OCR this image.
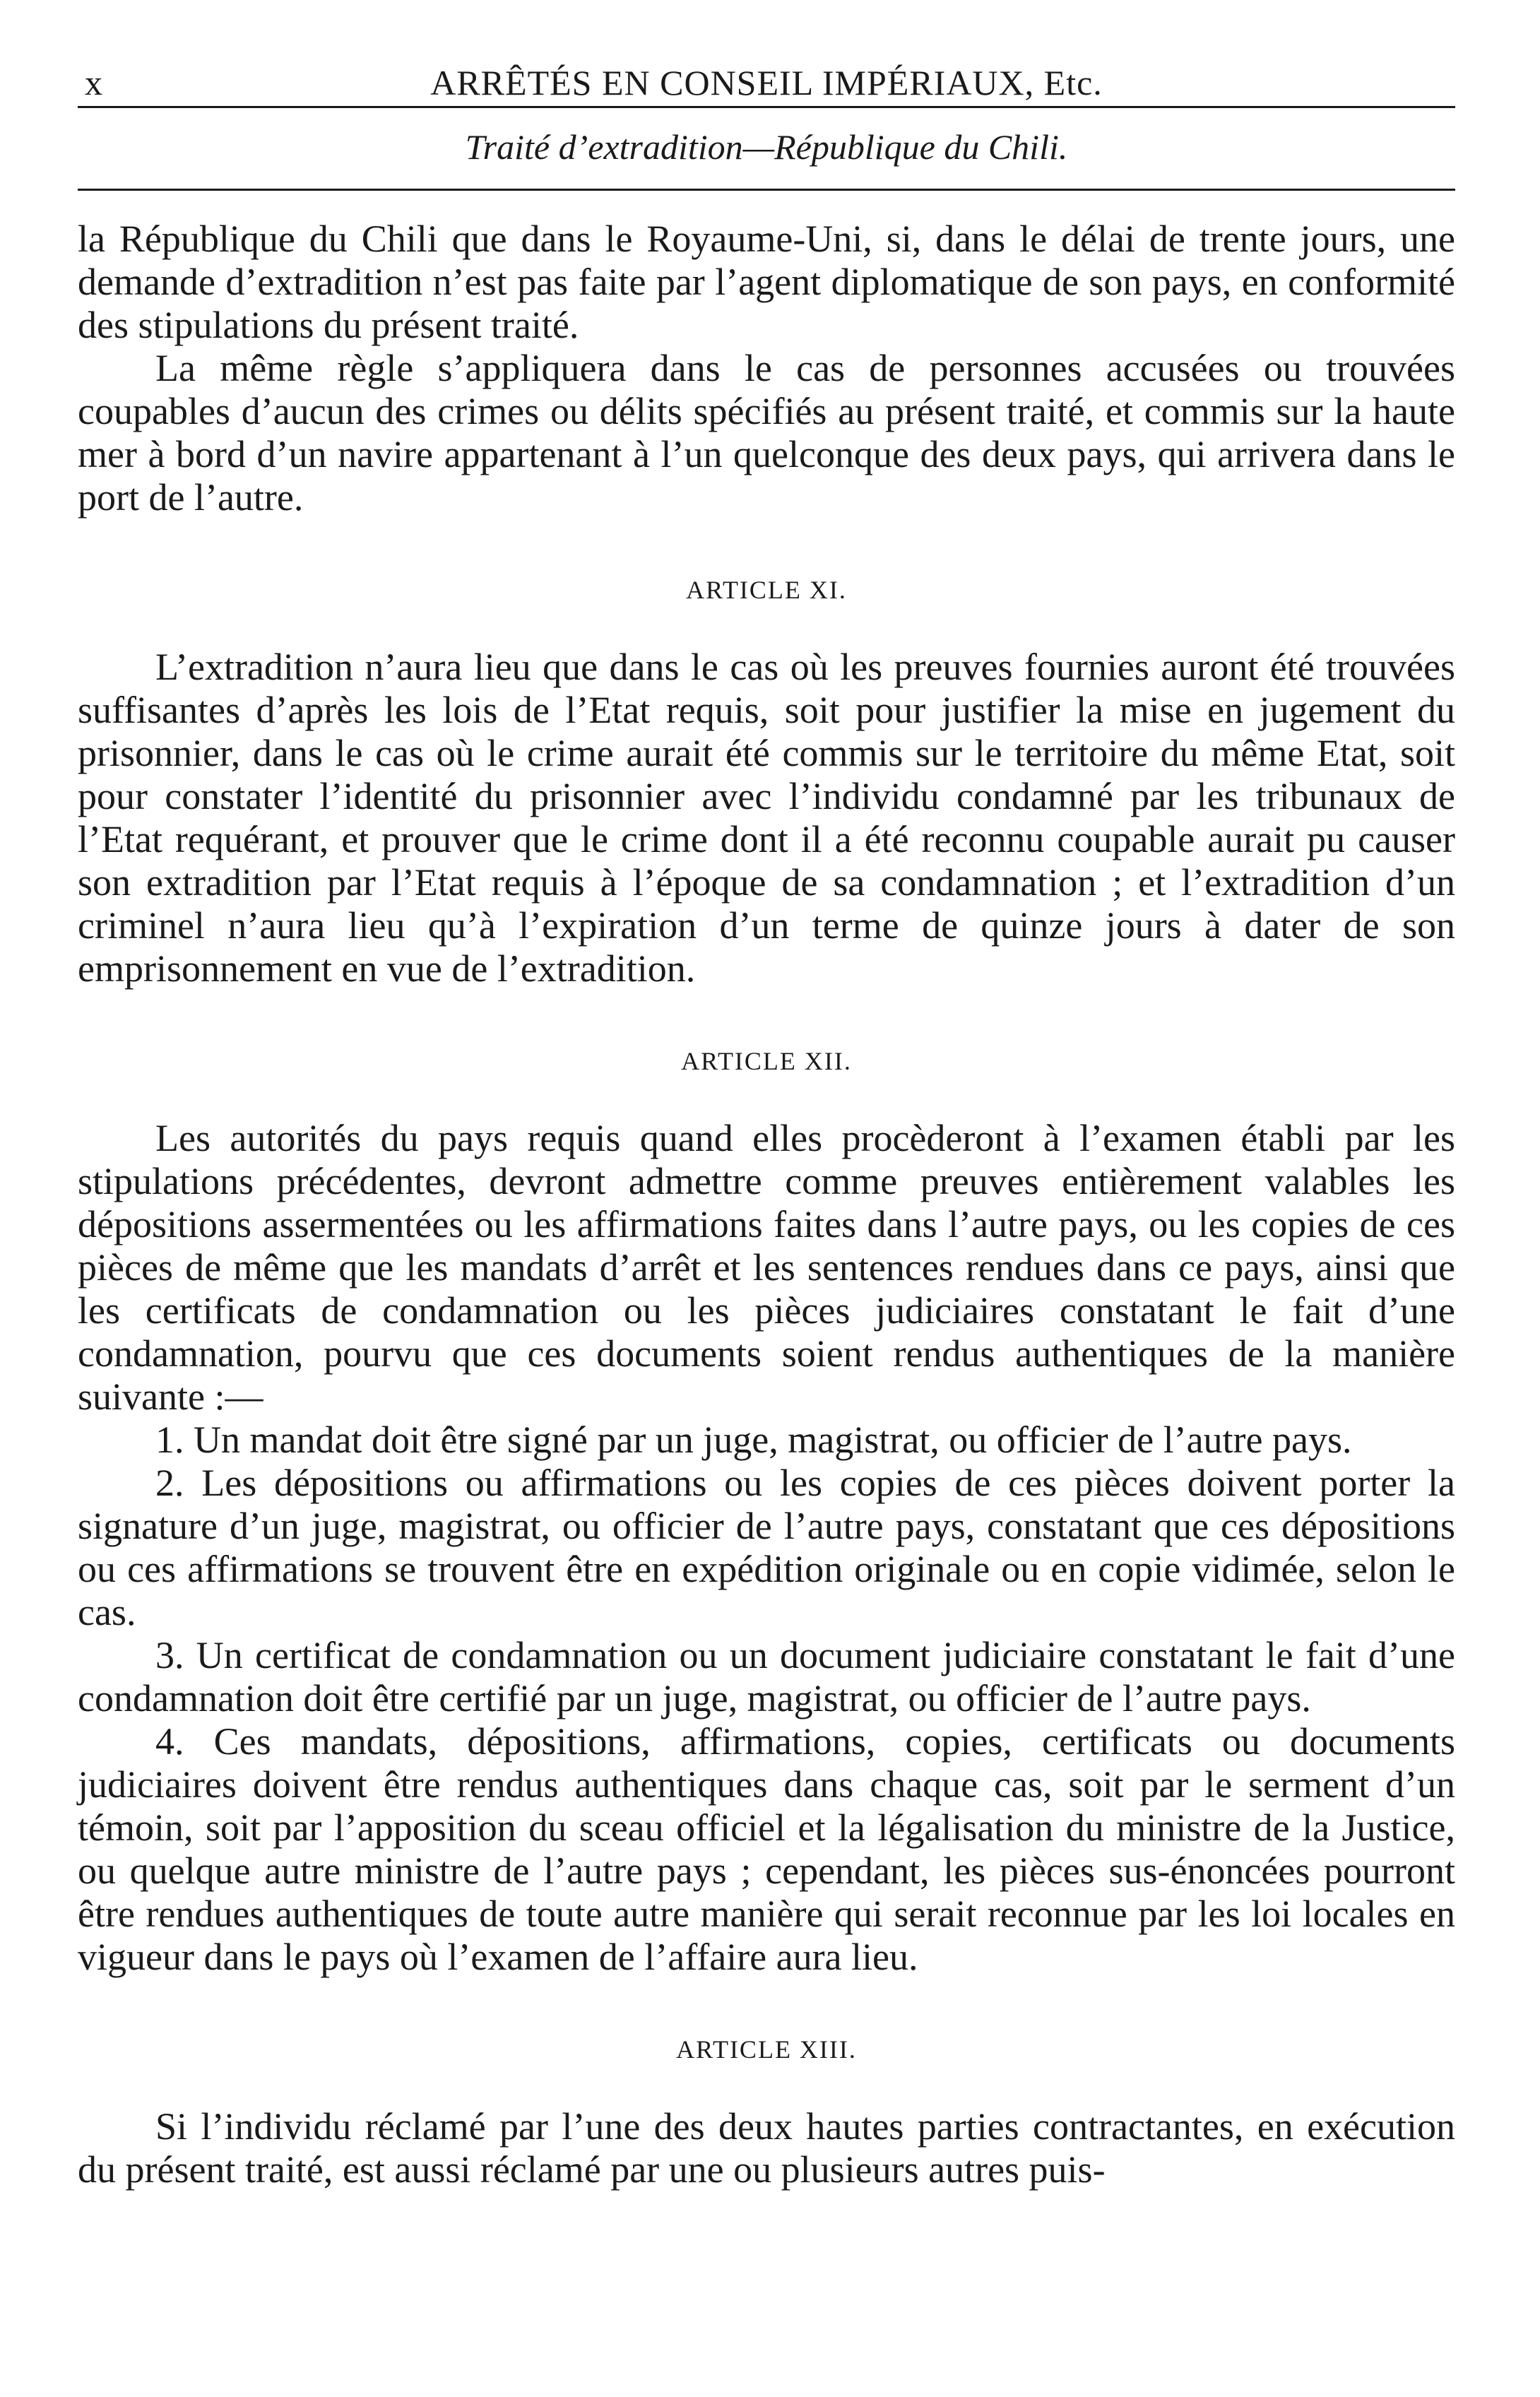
x	ARRÊTÉS EN CONSEIL IMPÉRIAUX, Etc.
Traité d’extradition—République du Chili.

la République du Chili que dans le Royaume-Uni, si, dans le délai de trente jours, une demande d’extradition n’est pas faite par l’agent diplomatique de son pays, en conformité des stipulations du présent traité.

La même règle s’appliquera dans le cas de personnes accusées ou trouvées coupables d’aucun des crimes ou délits spécifiés au présent traité, et commis sur la haute mer à bord d’un navire appartenant à l’un quelconque des deux pays, qui arrivera dans le port de l’autre.

ARTICLE XI.

L’extradition n’aura lieu que dans le cas où les preuves fournies auront été trouvées suffisantes d’après les lois de l’Etat requis, soit pour justifier la mise en jugement du prisonnier, dans le cas où le crime aurait été commis sur le territoire du même Etat, soit pour constater l’identité du prisonnier avec l’individu condamné par les tribunaux de l’Etat requérant, et prouver que le crime dont il a été reconnu coupable aurait pu causer son extradition par l’Etat requis à l’époque de sa condamnation ; et l’extradition d’un criminel n’aura lieu qu’à l’expiration d’un terme de quinze jours à dater de son emprisonnement en vue de l’extradition.

ARTICLE XII.

Les autorités du pays requis quand elles procèderont à l’examen établi par les stipulations précédentes, devront admettre comme preuves entièrement valables les dépositions assermentées ou les affirmations faites dans l’autre pays, ou les copies de ces pièces de même que les mandats d’arrêt et les sentences rendues dans ce pays, ainsi que les certificats de condamnation ou les pièces judiciaires constatant le fait d’une condamnation, pourvu que ces documents soient rendus authentiques de la manière suivante :—

1. Un mandat doit être signé par un juge, magistrat, ou officier de l’autre pays.

2. Les dépositions ou affirmations ou les copies de ces pièces doivent porter la signature d’un juge, magistrat, ou officier de l’autre pays, constatant que ces dépositions ou ces affirmations se trouvent être en expédition originale ou en copie vidimée, selon le cas.

3. Un certificat de condamnation ou un document judiciaire constatant le fait d’une condamnation doit être certifié par un juge, magistrat, ou officier de l’autre pays.

4. Ces mandats, dépositions, affirmations, copies, certificats ou documents judiciaires doivent être rendus authentiques dans chaque cas, soit par le serment d’un témoin, soit par l’apposition du sceau officiel et la légalisation du ministre de la Justice, ou quelque autre ministre de l’autre pays ; cependant, les pièces sus-énoncées pourront être rendues authentiques de toute autre manière qui serait reconnue par les loi locales en vigueur dans le pays où l’examen de l’affaire aura lieu.

ARTICLE XIII.

Si l’individu réclamé par l’une des deux hautes parties contractantes, en exécution du présent traité, est aussi réclamé par une ou plusieurs autres puis-
